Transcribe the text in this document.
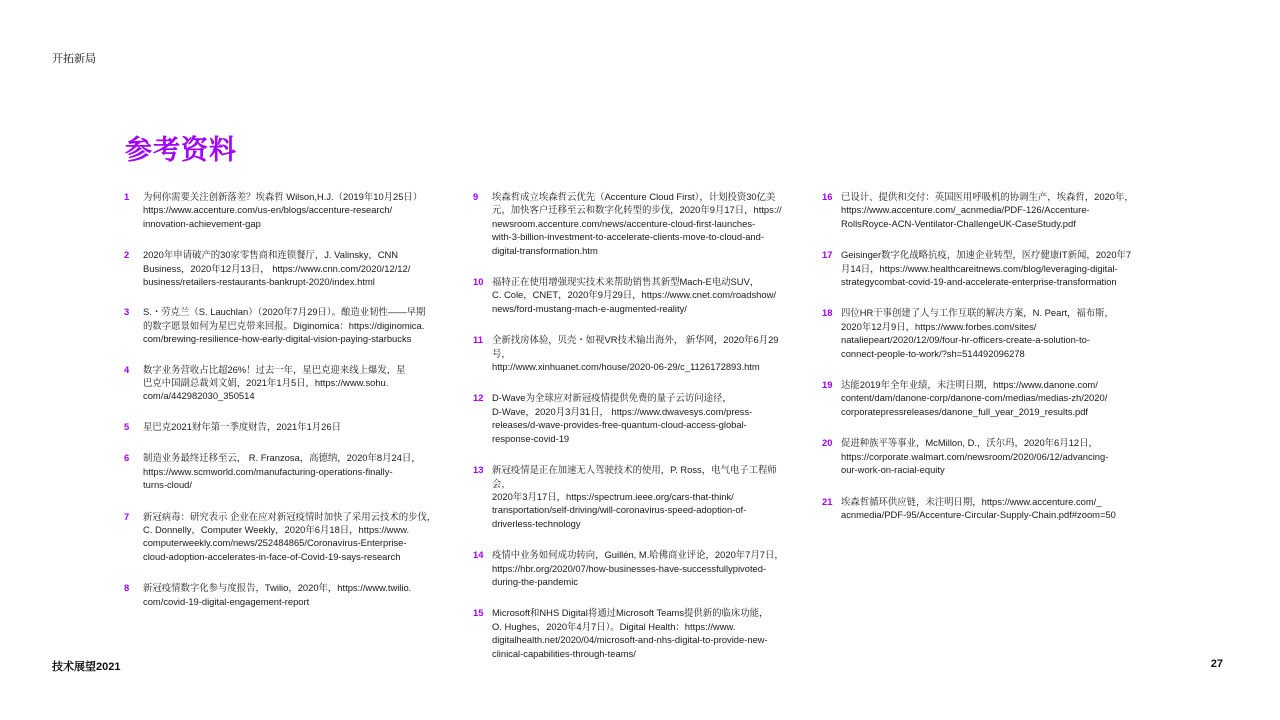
开拓新局
参考资料
1	为何你需要关注创新落差？埃森哲 Wilson,H.J.（2019年10月25日）
https://www.accenture.com/us-en/blogs/accenture-research/
innovation-achievement-gap
2	2020年申请破产的30家零售商和连锁餐厅，J. Valinsky，CNN
Business，2020年12月13日， https://www.cnn.com/2020/12/12/
business/retailers-restaurants-bankrupt-2020/index.html
3	S.・劳克兰（S. Lauchlan）（2020年7月29日）。酿造业韧性——早期
的数字愿景如何为星巴克带来回报。Diginomica：https://diginomica.
com/brewing-resilience-how-early-digital-vision-paying-starbucks
4	数字业务营收占比超26%！过去一年，星巴克迎来线上爆发，星
巴克中国副总裁刘文娟，2021年1月5日，https://www.sohu.
com/a/442982030_350514
5	星巴克2021财年第一季度财告，2021年1月26日
6	制造业务最终迁移至云， R. Franzosa，高德纳，2020年8月24日，
https://www.scmworld.com/manufacturing-operations-finally-
turns-cloud/
7	新冠病毒：研究表示 企业在应对新冠疫情时加快了采用云技术的步伐，
C. Donnelly，Computer Weekly，2020年6月18日，https://www.
computerweekly.com/news/252484865/Coronavirus-Enterprise-
cloud-adoption-accelerates-in-face-of-Covid-19-says-research
8	新冠疫情数字化参与度报告，Twilio，2020年，https://www.twilio.
com/covid-19-digital-engagement-report
9	埃森哲成立埃森哲云优先（Accenture Cloud First），计划投资30亿美
元，加快客户迁移至云和数字化转型的步伐，2020年9月17日，https://
newsroom.accenture.com/news/accenture-cloud-first-launches-
with-3-billion-investment-to-accelerate-clients-move-to-cloud-and-
digital-transformation.htm
10 福特正在使用增强现实技术来帮助销售其新型Mach-E电动SUV，
C. Cole，CNET，2020年9月29日，https://www.cnet.com/roadshow/
news/ford-mustang-mach-e-augmented-reality/
11 全新找房体验，贝壳・如视VR技术输出海外， 新华网，2020年6月29号，
http://www.xinhuanet.com/house/2020-06-29/c_1126172893.htm
12 D-Wave为全球应对新冠疫情提供免费的量子云访问途径，
D-Wave，2020月3月31日， https://www.dwavesys.com/press-
releases/d-wave-provides-free-quantum-cloud-access-global-
response-covid-19
13 新冠疫情是正在加速无人驾驶技术的使用，P. Ross，电气电子工程师会，
2020年3月17日，https://spectrum.ieee.org/cars-that-think/
transportation/self-driving/will-coronavirus-speed-adoption-of-
driverless-technology
14 疫情中业务如何成功转向，Guillén, M.哈佛商业评论，2020年7月7日，
https://hbr.org/2020/07/how-businesses-have-successfullypivoted-
during-the-pandemic
15 Microsoft和NHS Digital将通过Microsoft Teams提供新的临床功能，
O. Hughes，2020年4月7日）。Digital Health：https://www.
digitalhealth.net/2020/04/microsoft-and-nhs-digital-to-provide-new-
clinical-capabilities-through-teams/
16 已设计、提供和交付：英国医用呼吸机的协调生产，埃森哲，2020年，
https://www.accenture.com/_acnmedia/PDF-126/Accenture-
RollsRoyce-ACN-Ventilator-ChallengeUK-CaseStudy.pdf
17 Geisinger数字化战略抗疫，加速企业转型，医疗健康IT新闻，2020年7
月14日，https://www.healthcareitnews.com/blog/leveraging-digital-
strategycombat-covid-19-and-accelerate-enterprise-transformation
18 四位HR干事创建了人与工作互联的解决方案，N. Peart，福布斯，
2020年12月9日，https://www.forbes.com/sites/
nataliepeart/2020/12/09/four-hr-officers-create-a-solution-to-
connect-people-to-work/?sh=514492096278
19 达能2019年全年业绩，未注明日期，https://www.danone.com/
content/dam/danone-corp/danone-com/medias/medias-zh/2020/
corporatepressreleases/danone_full_year_2019_results.pdf
20 促进种族平等事业，McMillon, D.，沃尔玛，2020年6月12日，
https://corporate.walmart.com/newsroom/2020/06/12/advancing-
our-work-on-racial-equity
21 埃森哲循环供应链，未注明日期，https://www.accenture.com/_
acnmedia/PDF-95/Accenture-Circular-Supply-Chain.pdf#zoom=50
技术展望2021	27
